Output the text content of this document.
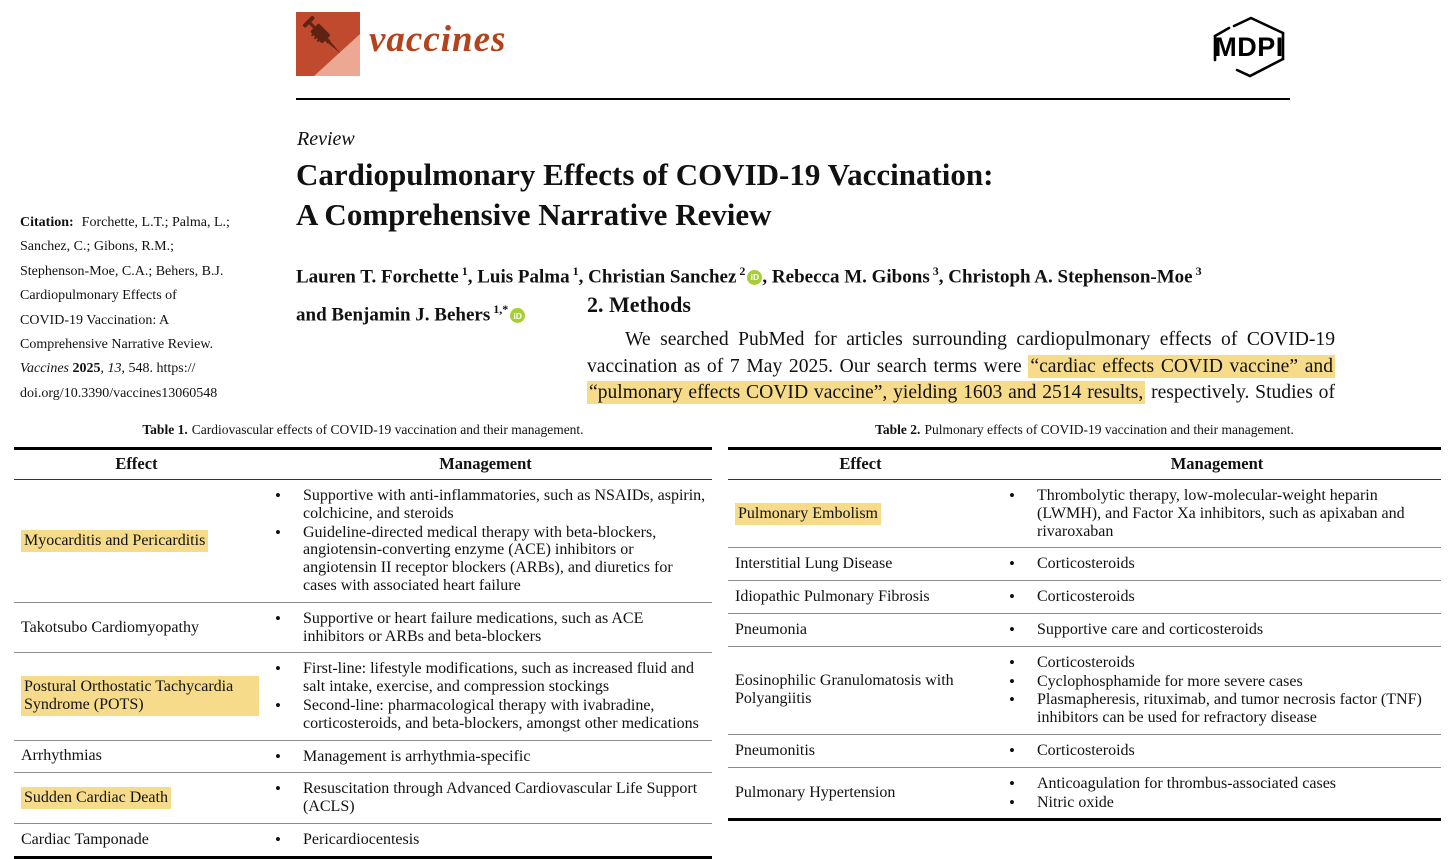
vaccines	MDPI
Citation: Forchette, L.T.; Palma, L.;
Sanchez, C.; Gibons, R.M.;
Stephenson-Moe, C.A.; Behers, B.J.
Cardiopulmonary Effects of
COVID-19 Vaccination: A
Comprehensive Narrative Review.
Vaccines 2025, 13, 548. https://
doi.org/10.3390/vaccines13060548
Review
Cardiopulmonary Effects of COVID-19 Vaccination:
A Comprehensive Narrative Review
Lauren T. Forchette $^1$, Luis Palma $^1$, Christian Sanchez $^2$ iD , Rebecca M. Gibons $^3$, Christoph A. Stephenson-Moe $^3$
and Benjamin J. Behers $^{1,*}$ iD	2. Methods
We searched PubMed for articles surrounding cardiopulmonary effects of COVID-19 vaccination as of 7 May 2025. Our search terms were “cardiac effects COVID vaccine” and “pulmonary effects COVID vaccine”, yielding 1603 and 2514 results, respectively. Studies of
Table 1. Cardiovascular effects of COVID-19 vaccination and their management.
Effect	Management
Myocarditis and Pericarditis
• Supportive with anti-inflammatories, such as NSAIDs, aspirin, colchicine, and steroids
• Guideline-directed medical therapy with beta-blockers, angiotensin-converting enzyme (ACE) inhibitors or angiotensin II receptor blockers (ARBs), and diuretics for cases with associated heart failure
Takotsubo Cardiomyopathy
• Supportive or heart failure medications, such as ACE inhibitors or ARBs and beta-blockers
Postural Orthostatic Tachycardia Syndrome (POTS)
• First-line: lifestyle modifications, such as increased fluid and salt intake, exercise, and compression stockings
• Second-line: pharmacological therapy with ivabradine, corticosteroids, and beta-blockers, amongst other medications
Arrhythmias	• Management is arrhythmia-specific
Sudden Cardiac Death
• Resuscitation through Advanced Cardiovascular Life Support (ACLS)
Cardiac Tamponade	• Pericardiocentesis
Table 2. Pulmonary effects of COVID-19 vaccination and their management.
Effect	Management
Pulmonary Embolism
• Thrombolytic therapy, low-molecular-weight heparin (LWMH), and Factor Xa inhibitors, such as apixaban and rivaroxaban
Interstitial Lung Disease	• Corticosteroids
Idiopathic Pulmonary Fibrosis	• Corticosteroids
Pneumonia	• Supportive care and corticosteroids
Eosinophilic Granulomatosis with Polyangiitis
• Corticosteroids
• Cyclophosphamide for more severe cases
• Plasmapheresis, rituximab, and tumor necrosis factor (TNF) inhibitors can be used for refractory disease
Pneumonitis	• Corticosteroids
Pulmonary Hypertension
• Anticoagulation for thrombus-associated cases
• Nitric oxide
